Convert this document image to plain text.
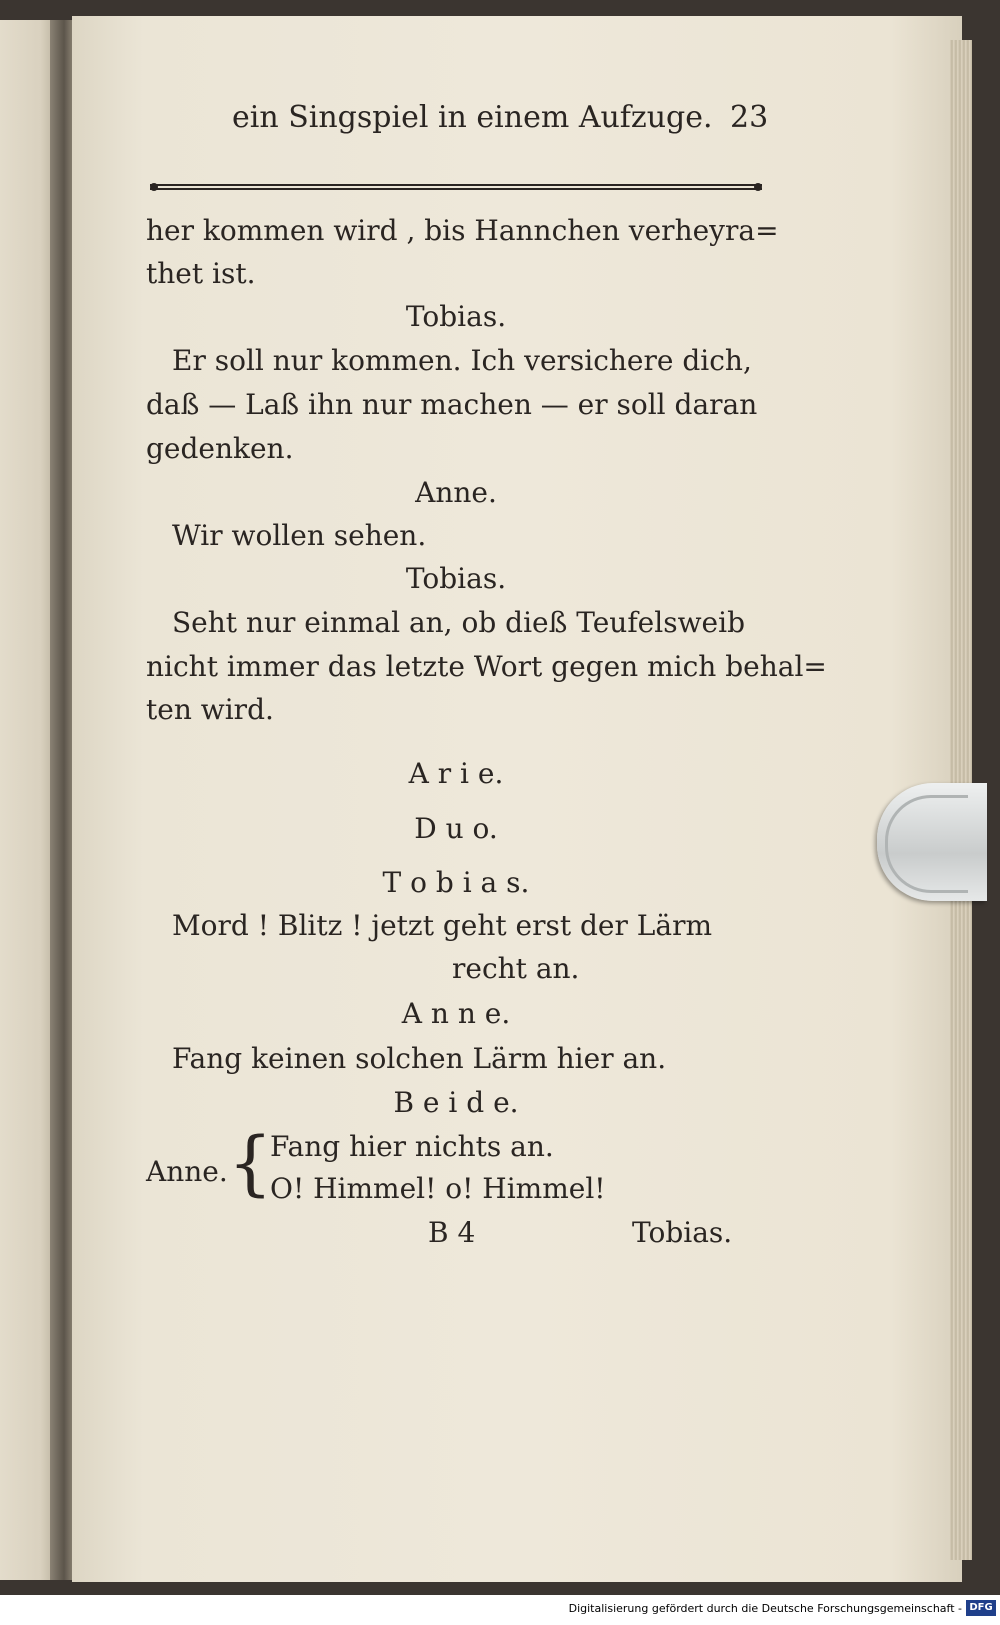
ein Singspiel in einem Aufzuge. 23
her kommen wird , bis Hannchen verheyra=
thet ist.
Tobias.
Er soll nur kommen. Ich versichere dich,
daß — Laß ihn nur machen — er soll daran
gedenken.
Anne.
Wir wollen sehen.
Tobias.
Seht nur einmal an, ob dieß Teufelsweib
nicht immer das letzte Wort gegen mich behal=
ten wird.
A r i e.
D u o.
T o b i a s.
Mord ! Blitz ! jetzt geht erst der Lärm
recht an.
A n n e.
Fang keinen solchen Lärm hier an.
B e i d e.
Anne. {
Fang hier nichts an.
O! Himmel! o! Himmel!
B 4	Tobias.
Digitalisierung gefördert durch die Deutsche Forschungsgemeinschaft - DFG
